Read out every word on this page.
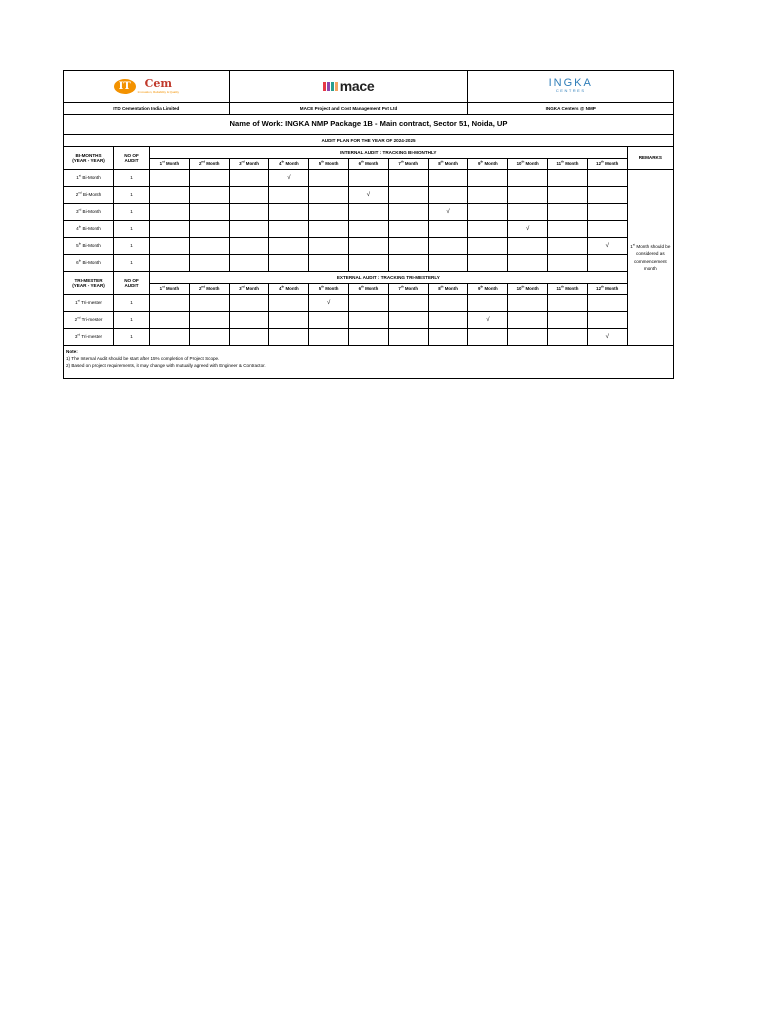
IT Cem
Innovation, Reliability & Quality				mace						INGKA
CENTRES				

ITD Cementation India Limited				MACE Project and Cost Management Pvt Ltd						INGKA Centers @ NMP				
Name of Work: INGKA NMP Package 1B - Main contract, Sector 51, Noida, UP														
AUDIT PLAN FOR THE YEAR OF 2024-2025														
BI-MONTHS
(YEAR - YEAR)	NO OF
AUDIT	INTERNAL AUDIT : TRACKING BI-MONTHLY												REMARKS
		1st Month	2nd Month	3rd Month	4th Month	5th Month	6th Month	7th Month	8th Month	9th Month	10th Month	11th Month	12th Month	
1st Bi-Month	1				√									1st Month should be considered as commencement month
2nd Bi-Month	1						√							
3rd Bi-Month	1								√					
4th Bi-Month	1										√			
5th Bi-Month	1												√	
6th Bi-Month	1													
TRI-MESTER
(YEAR - YEAR)	NO OF
AUDIT	EXTERNAL AUDIT : TRACKING TRI-MESTERLY												
		1st Month	2nd Month	3rd Month	4th Month	5th Month	6th Month	7th Month	8th Month	9th Month	10th Month	11th Month	12th Month	
1st Tri-mester	1					√								
2nd Tri-mester	1									√				
3rd Tri-mester	1												√	
Note:
1) The Internal Audit should be start after 15% completion of Project Scope.
2) Based on project requirements, it may change with mutually agreed with Engineer & Contractor.														
